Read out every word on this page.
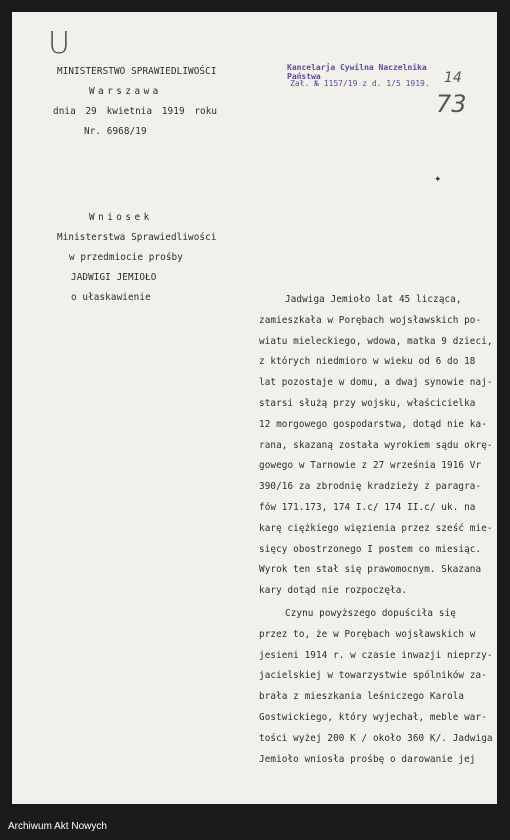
U
MINISTERSTWO SPRAWIEDLIWOŚCI
Warszawa
dnia 29 kwietnia 1919 roku
Nr. 6968/19
Kancelarja Cywilna Naczelnika Państwa
Zał. № 1157/19 z d. 1/5 1919. 14
73
✦
Wniosek
Ministerstwa Sprawiedliwości
w przedmiocie prośby
JADWIGI JEMIOŁO
o ułaskawienie	Jadwiga Jemioło lat 45 licząca,
zamieszkała w Porębach wojsławskich po-
wiatu mieleckiego, wdowa, matka 9 dzieci,
z których niedmioro w wieku od 6 do 18
lat pozostaje w domu, a dwaj synowie naj-
starsi służą przy wojsku, właścicielka
12 morgowego gospodarstwa, dotąd nie ka-
rana, skazaną została wyrokiem sądu okrę-
gowego w Tarnowie z 27 września 1916 Vr
390/16 za zbrodnię kradzieży z paragra-
fów 171.173, 174 I.c/ 174 II.c/ uk. na
karę ciężkiego więzienia przez sześć mie-
sięcy obostrzonego I postem co miesiąc.
Wyrok ten stał się prawomocnym. Skazana
kary dotąd nie rozpoczęła.
Czynu powyższego dopuściła się
przez to, że w Porębach wojsławskich w
jesieni 1914 r. w czasie inwazji nieprzy-
jacielskiej w towarzystwie spólników za-
brała z mieszkania leśniczego Karola
Gostwickiego, który wyjechał, meble war-
tości wyżej 200 K / około 360 K/. Jadwiga
Jemioło wniosła prośbę o darowanie jej
Archiwum Akt Nowych
